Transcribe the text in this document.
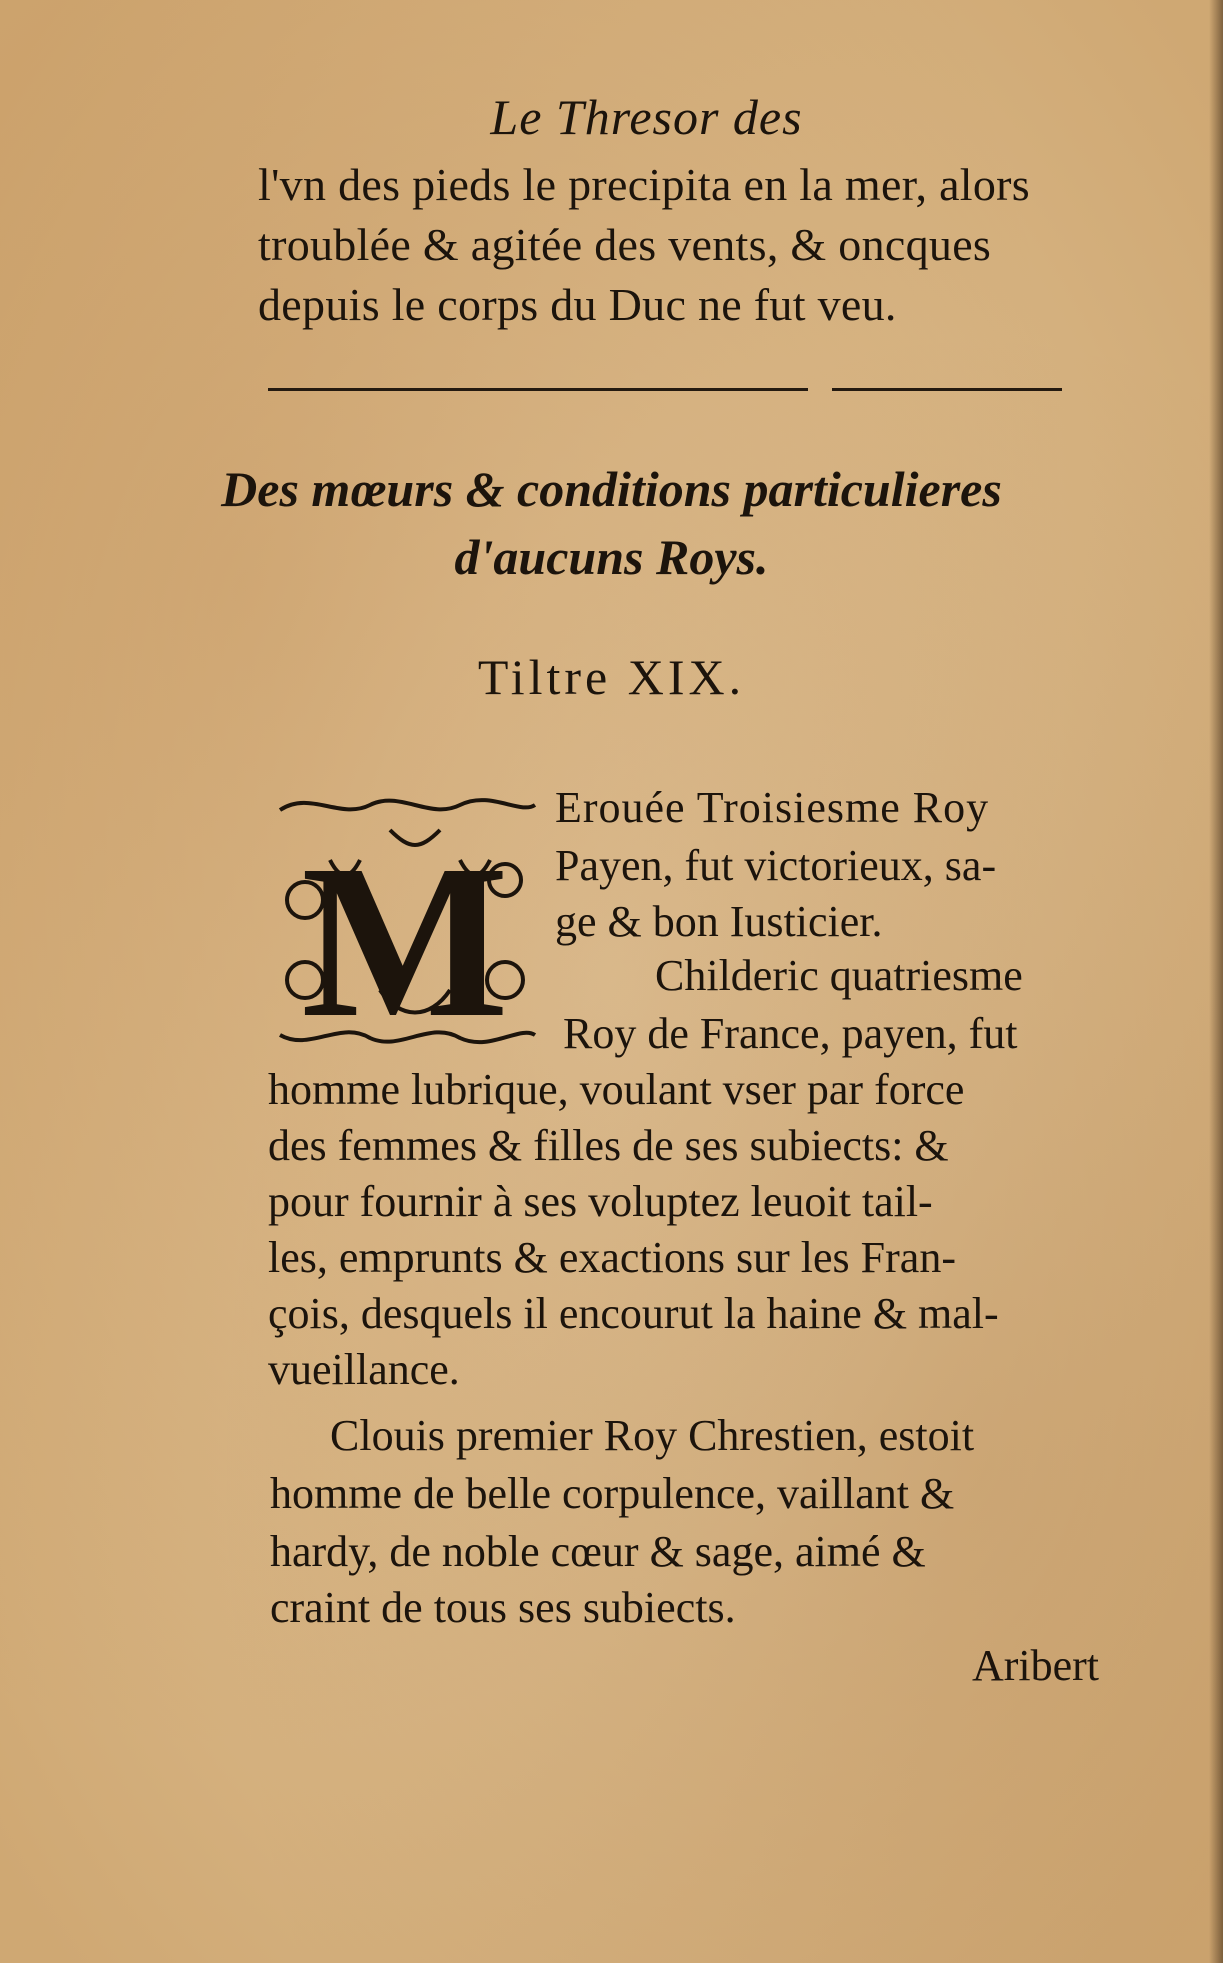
Le Thresor des
l'vn des pieds le precipita en la mer, alors
troublée & agitée des vents, & oncques
depuis le corps du Duc ne fut veu.
Des mœurs & conditions particulieres
d'aucuns Roys.
Tiltre XIX.
M
Erouée Troisiesme Roy
Payen, fut victorieux, sa-
ge & bon Iusticier.
Childeric quatriesme
Roy de France, payen, fut
homme lubrique, voulant vser par force
des femmes & filles de ses subiects: &
pour fournir à ses voluptez leuoit tail-
les, emprunts & exactions sur les Fran-
çois, desquels il encourut la haine & mal-
vueillance.
Clouis premier Roy Chrestien, estoit
homme de belle corpulence, vaillant &
hardy, de noble cœur & sage, aimé &
craint de tous ses subiects.
Aribert
